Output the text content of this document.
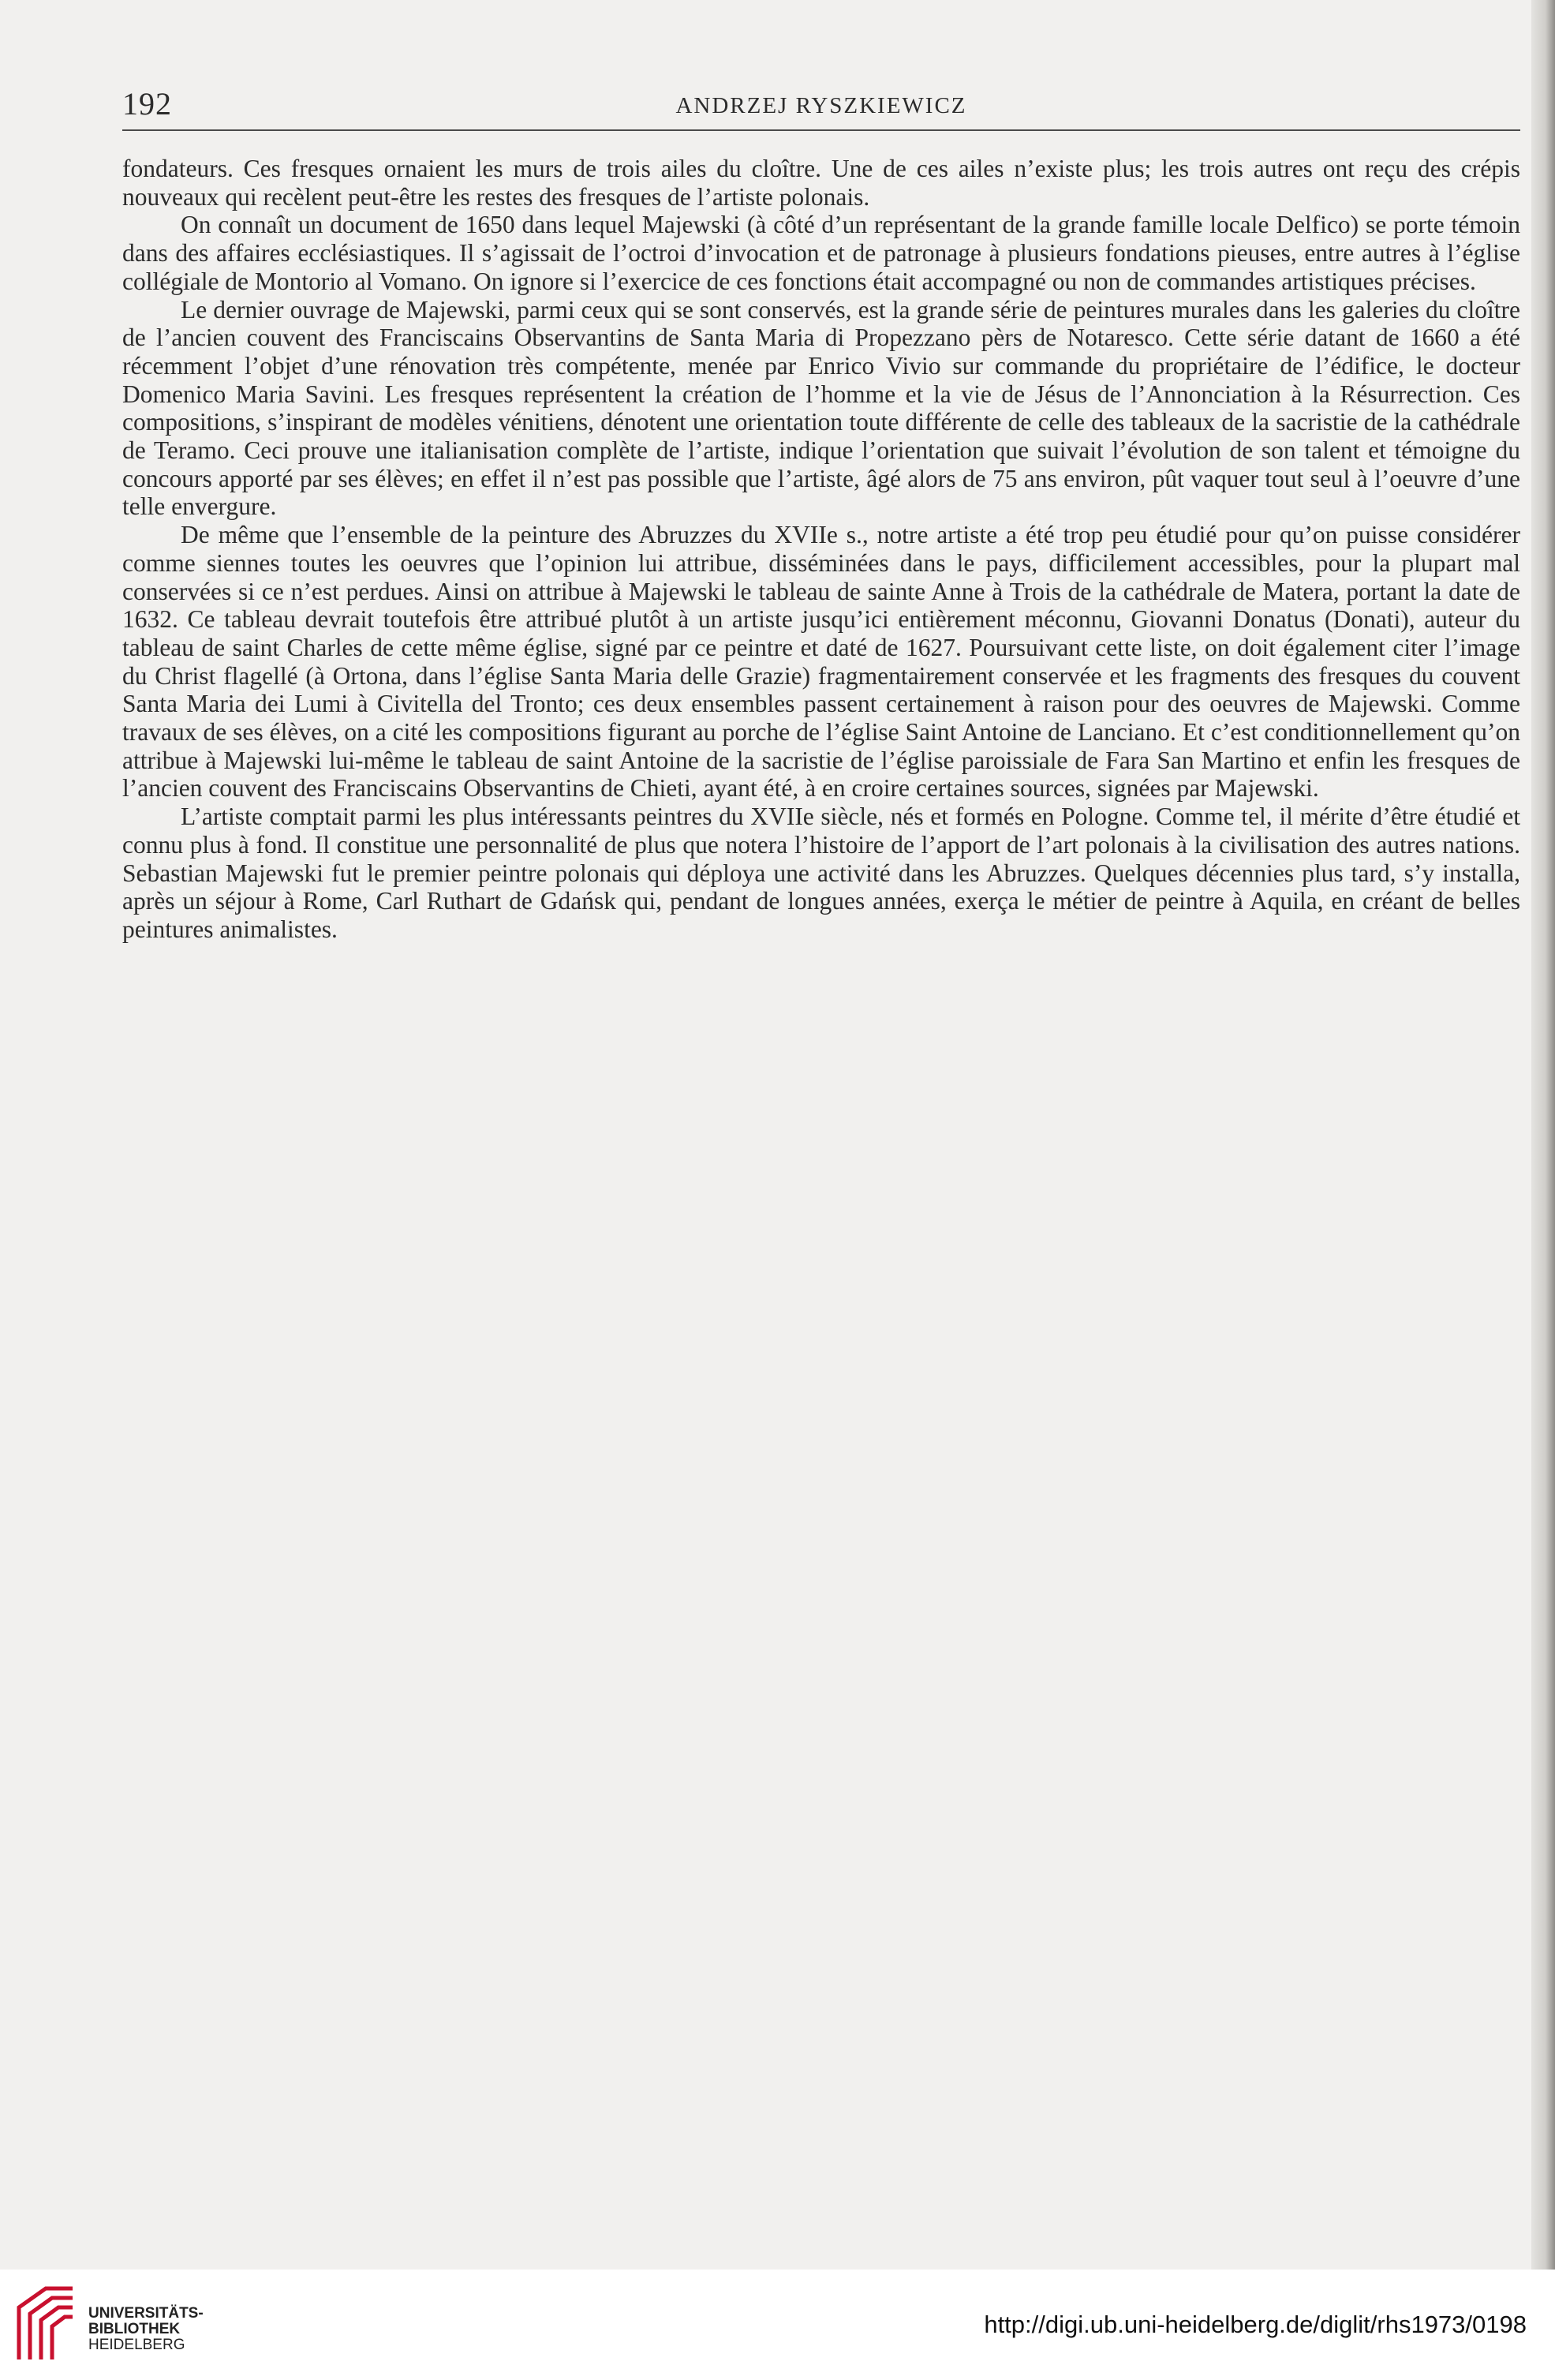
192	ANDRZEJ RYSZKIEWICZ

fondateurs. Ces fresques ornaient les murs de trois ailes du cloître. Une de ces ailes n’existe plus; les trois autres ont reçu des crépis nouveaux qui recèlent peut-être les restes des fresques de l’artiste polonais.

On connaît un document de 1650 dans lequel Majewski (à côté d’un représentant de la grande famille locale Delfico) se porte témoin dans des affaires ecclésiastiques. Il s’agissait de l’octroi d’invocation et de patronage à plusieurs fondations pieuses, entre autres à l’église collégiale de Montorio al Vomano. On ignore si l’exercice de ces fonctions était accompagné ou non de commandes artistiques précises.

Le dernier ouvrage de Majewski, parmi ceux qui se sont conservés, est la grande série de peintures murales dans les galeries du cloître de l’ancien couvent des Franciscains Observantins de Santa Maria di Propezzano pèrs de Notaresco. Cette série datant de 1660 a été récemment l’objet d’une rénovation très compétente, menée par Enrico Vivio sur commande du propriétaire de l’édifice, le docteur Domenico Maria Savini. Les fresques représentent la création de l’homme et la vie de Jésus de l’Annonciation à la Résurrection. Ces compositions, s’inspirant de modèles vénitiens, dénotent une orientation toute différente de celle des tableaux de la sacristie de la cathédrale de Teramo. Ceci prouve une italianisation complète de l’artiste, indique l’orientation que suivait l’évolution de son talent et témoigne du concours apporté par ses élèves; en effet il n’est pas possible que l’artiste, âgé alors de 75 ans environ, pût vaquer tout seul à l’oeuvre d’une telle envergure.

De même que l’ensemble de la peinture des Abruzzes du XVIIe s., notre artiste a été trop peu étudié pour qu’on puisse considérer comme siennes toutes les oeuvres que l’opinion lui attribue, disséminées dans le pays, difficilement accessibles, pour la plupart mal conservées si ce n’est perdues. Ainsi on attribue à Majewski le tableau de sainte Anne à Trois de la cathédrale de Matera, portant la date de 1632. Ce tableau devrait toutefois être attribué plutôt à un artiste jusqu’ici entièrement méconnu, Giovanni Donatus (Donati), auteur du tableau de saint Charles de cette même église, signé par ce peintre et daté de 1627. Poursuivant cette liste, on doit également citer l’image du Christ flagellé (à Ortona, dans l’église Santa Maria delle Grazie) fragmentairement conservée et les fragments des fresques du couvent Santa Maria dei Lumi à Civitella del Tronto; ces deux ensembles passent certainement à raison pour des oeuvres de Majewski. Comme travaux de ses élèves, on a cité les compositions figurant au porche de l’église Saint Antoine de Lanciano. Et c’est conditionnellement qu’on attribue à Majewski lui-même le tableau de saint Antoine de la sacristie de l’église paroissiale de Fara San Martino et enfin les fresques de l’ancien couvent des Franciscains Observantins de Chieti, ayant été, à en croire certaines sources, signées par Majewski.

L’artiste comptait parmi les plus intéressants peintres du XVIIe siècle, nés et formés en Pologne. Comme tel, il mérite d’être étudié et connu plus à fond. Il constitue une personnalité de plus que notera l’histoire de l’apport de l’art polonais à la civilisation des autres nations. Sebastian Majewski fut le premier peintre polonais qui déploya une activité dans les Abruzzes. Quelques décennies plus tard, s’y installa, après un séjour à Rome, Carl Ruthart de Gdańsk qui, pendant de longues années, exerça le métier de peintre à Aquila, en créant de belles peintures animalistes.

UNIVERSITÄTS-
BIBLIOTHEK
HEIDELBERG
http://digi.ub.uni-heidelberg.de/diglit/rhs1973/0198
